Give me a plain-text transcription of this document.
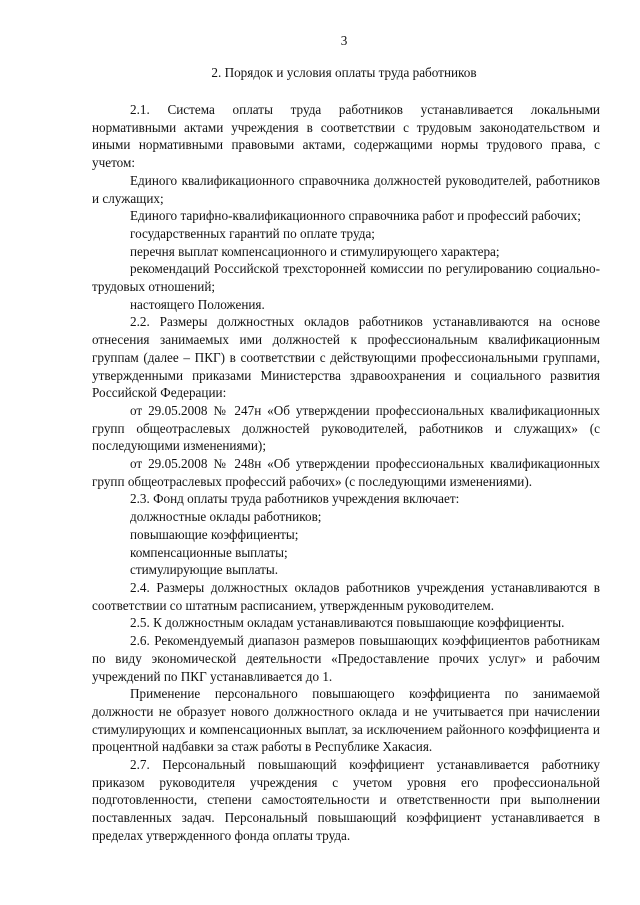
3
2. Порядок и условия оплаты труда работников

2.1. Система оплаты труда работников устанавливается локальными нормативными актами учреждения в соответствии с трудовым законодательством и иными нормативными правовыми актами, содержащими нормы трудового права, с учетом:

Единого квалификационного справочника должностей руководителей, работников и служащих;

Единого тарифно-квалификационного справочника работ и профессий рабочих;

государственных гарантий по оплате труда;

перечня выплат компенсационного и стимулирующего характера;

рекомендаций Российской трехсторонней комиссии по регулированию социально-трудовых отношений;

настоящего Положения.

2.2. Размеры должностных окладов работников устанавливаются на основе отнесения занимаемых ими должностей к профессиональным квалификационным группам (далее – ПКГ) в соответствии с действующими профессиональными группами, утвержденными приказами Министерства здравоохранения и социального развития Российской Федерации:

от 29.05.2008 № 247н «Об утверждении профессиональных квалификационных групп общеотраслевых должностей руководителей, работников и служащих» (с последующими изменениями);

от 29.05.2008 № 248н «Об утверждении профессиональных квалификационных групп общеотраслевых профессий рабочих» (с последующими изменениями).

2.3. Фонд оплаты труда работников учреждения включает:

должностные оклады работников;

повышающие коэффициенты;

компенсационные выплаты;

стимулирующие выплаты.

2.4. Размеры должностных окладов работников учреждения устанавливаются в соответствии со штатным расписанием, утвержденным руководителем.

2.5. К должностным окладам устанавливаются повышающие коэффициенты.

2.6. Рекомендуемый диапазон размеров повышающих коэффициентов работникам по виду экономической деятельности «Предоставление прочих услуг» и рабочим учреждений по ПКГ устанавливается до 1.

Применение персонального повышающего коэффициента по занимаемой должности не образует нового должностного оклада и не учитывается при начислении стимулирующих и компенсационных выплат, за исключением районного коэффициента и процентной надбавки за стаж работы в Республике Хакасия.

2.7. Персональный повышающий коэффициент устанавливается работнику приказом руководителя учреждения с учетом уровня его профессиональной подготовленности, степени самостоятельности и ответственности при выполнении поставленных задач. Персональный повышающий коэффициент устанавливается в пределах утвержденного фонда оплаты труда.
